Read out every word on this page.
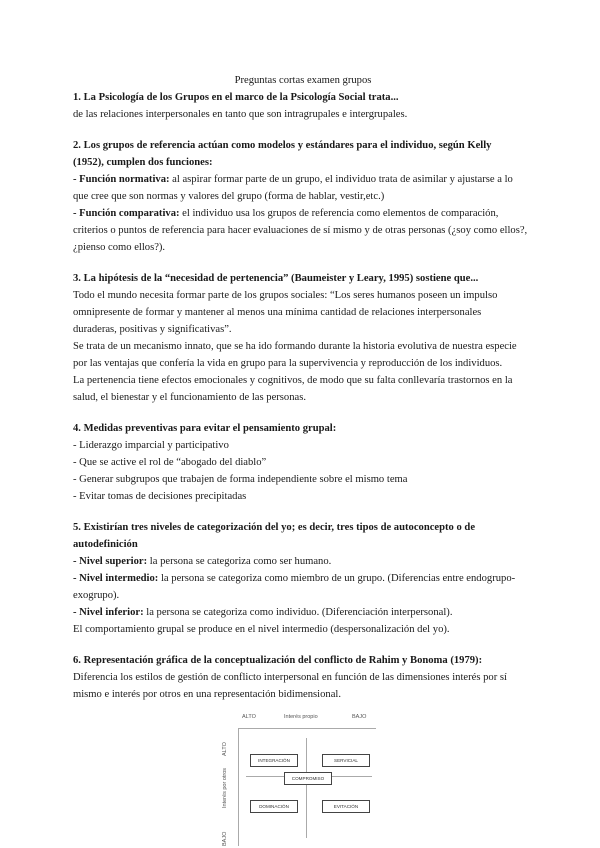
Preguntas cortas examen grupos

1. La Psicología de los Grupos en el marco de la Psicología Social trata...

de las relaciones interpersonales en tanto que son intragrupales e intergrupales.

2. Los grupos de referencia actúan como modelos y estándares para el individuo, según Kelly

(1952), cumplen dos funciones:

- Función normativa: al aspirar formar parte de un grupo, el individuo trata de asimilar y ajustarse a lo

que cree que son normas y valores del grupo (forma de hablar, vestir,etc.)

- Función comparativa: el individuo usa los grupos de referencia como elementos de comparación,

criterios o puntos de referencia para hacer evaluaciones de sí mismo y de otras personas (¿soy como ellos?,

¿pienso como ellos?).

3. La hipótesis de la “necesidad de pertenencia” (Baumeister y Leary, 1995) sostiene que...

Todo el mundo necesita formar parte de los grupos sociales: “Los seres humanos poseen un impulso

omnipresente de formar y mantener al menos una mínima cantidad de relaciones interpersonales

duraderas, positivas y significativas”.

Se trata de un mecanismo innato, que se ha ido formando durante la historia evolutiva de nuestra especie

por las ventajas que confería la vida en grupo para la supervivencia y reproducción de los individuos.

La pertenencia tiene efectos emocionales y cognitivos, de modo que su falta conllevaría trastornos en la

salud, el bienestar y el funcionamiento de las personas.

4. Medidas preventivas para evitar el pensamiento grupal:

- Liderazgo imparcial y participativo

- Que se active el rol de “abogado del diablo”

- Generar subgrupos que trabajen de forma independiente sobre el mismo tema

- Evitar tomas de decisiones precipitadas

5. Existirían tres niveles de categorización del yo; es decir, tres tipos de autoconcepto o de

autodefinición

- Nivel superior: la persona se categoriza como ser humano.

- Nivel intermedio: la persona se categoriza como miembro de un grupo. (Diferencias entre endogrupo-

exogrupo).

- Nivel inferior: la persona se categoriza como individuo. (Diferenciación interpersonal).

El comportamiento grupal se produce en el nivel intermedio (despersonalización del yo).

6. Representación gráfica de la conceptualización del conflicto de Rahim y Bonoma (1979):

Diferencia los estilos de gestión de conflicto interpersonal en función de las dimensiones interés por sí

mismo e interés por otros en una representación bidimensional.

ALTO	Interés propio	BAJO
ALTO
Interés por otros
BAJO
INTEGRACIÓN	SERVICIAL
COMPROMISO
DOMINACIÓN	EVITACIÓN
